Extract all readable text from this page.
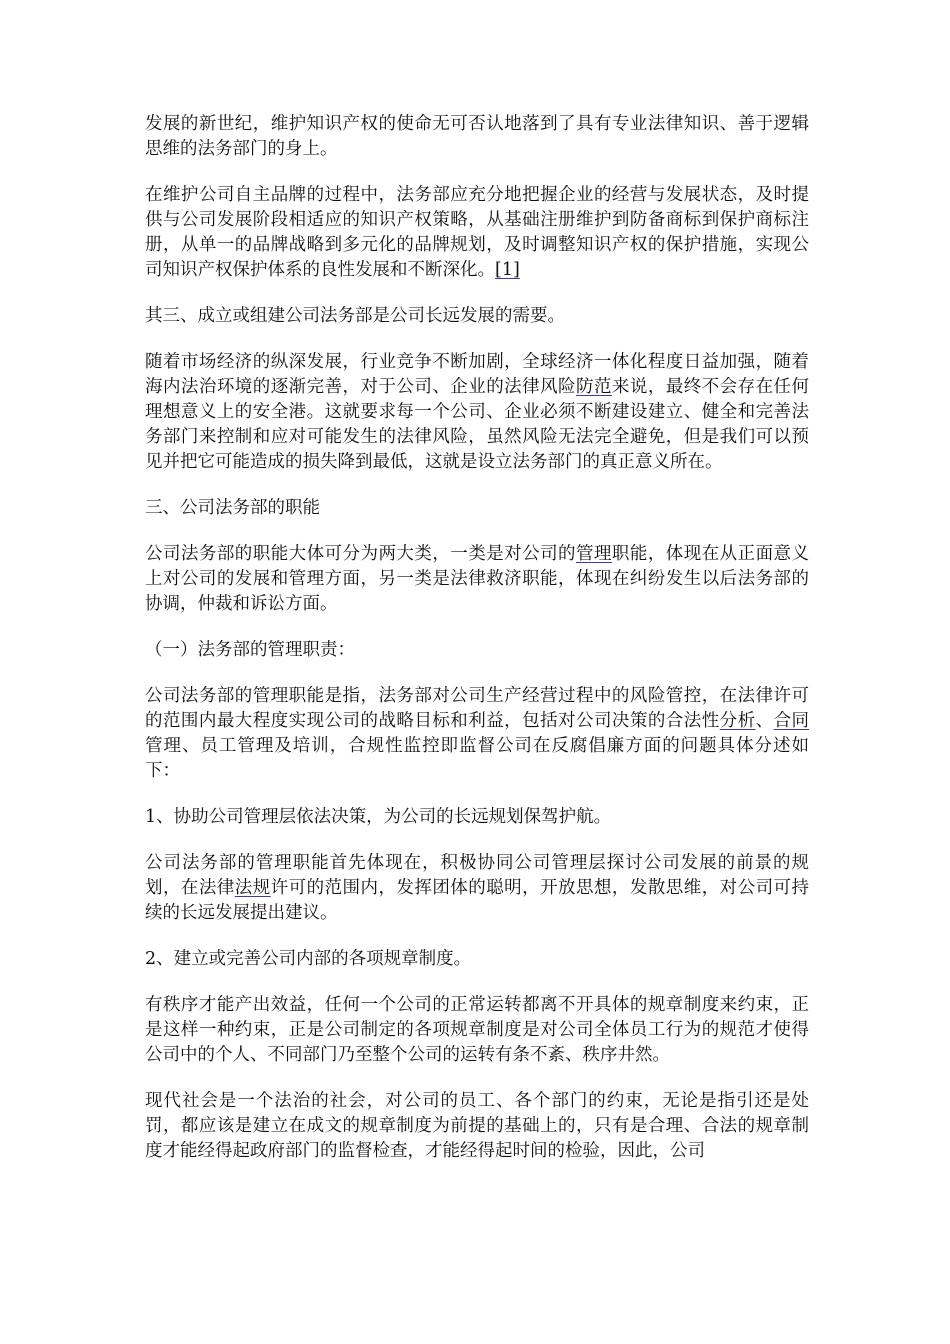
发展的新世纪，维护知识产权的使命无可否认地落到了具有专业法律知识、善于逻辑思维的法务部门的身上。

在维护公司自主品牌的过程中，法务部应充分地把握企业的经营与发展状态，及时提供与公司发展阶段相适应的知识产权策略，从基础注册维护到防备商标到保护商标注册，从单一的品牌战略到多元化的品牌规划，及时调整知识产权的保护措施，实现公司知识产权保护体系的良性发展和不断深化。[1]

其三、成立或组建公司法务部是公司长远发展的需要。

随着市场经济的纵深发展，行业竞争不断加剧，全球经济一体化程度日益加强，随着海内法治环境的逐渐完善，对于公司、企业的法律风险防范来说，最终不会存在任何理想意义上的安全港。这就要求每一个公司、企业必须不断建设建立、健全和完善法务部门来控制和应对可能发生的法律风险，虽然风险无法完全避免，但是我们可以预见并把它可能造成的损失降到最低，这就是设立法务部门的真正意义所在。

三、公司法务部的职能

公司法务部的职能大体可分为两大类，一类是对公司的管理职能，体现在从正面意义上对公司的发展和管理方面，另一类是法律救济职能，体现在纠纷发生以后法务部的协调，仲裁和诉讼方面。

（一）法务部的管理职责：

公司法务部的管理职能是指，法务部对公司生产经营过程中的风险管控，在法律许可的范围内最大程度实现公司的战略目标和利益，包括对公司决策的合法性分析、合同管理、员工管理及培训，合规性监控即监督公司在反腐倡廉方面的问题具体分述如下：

1、协助公司管理层依法决策，为公司的长远规划保驾护航。

公司法务部的管理职能首先体现在，积极协同公司管理层探讨公司发展的前景的规划，在法律法规许可的范围内，发挥团体的聪明，开放思想，发散思维，对公司可持续的长远发展提出建议。

2、建立或完善公司内部的各项规章制度。

有秩序才能产出效益，任何一个公司的正常运转都离不开具体的规章制度来约束，正是这样一种约束，正是公司制定的各项规章制度是对公司全体员工行为的规范才使得公司中的个人、不同部门乃至整个公司的运转有条不紊、秩序井然。

现代社会是一个法治的社会，对公司的员工、各个部门的约束，无论是指引还是处罚，都应该是建立在成文的规章制度为前提的基础上的，只有是合理、合法的规章制度才能经得起政府部门的监督检查，才能经得起时间的检验，因此，公司
